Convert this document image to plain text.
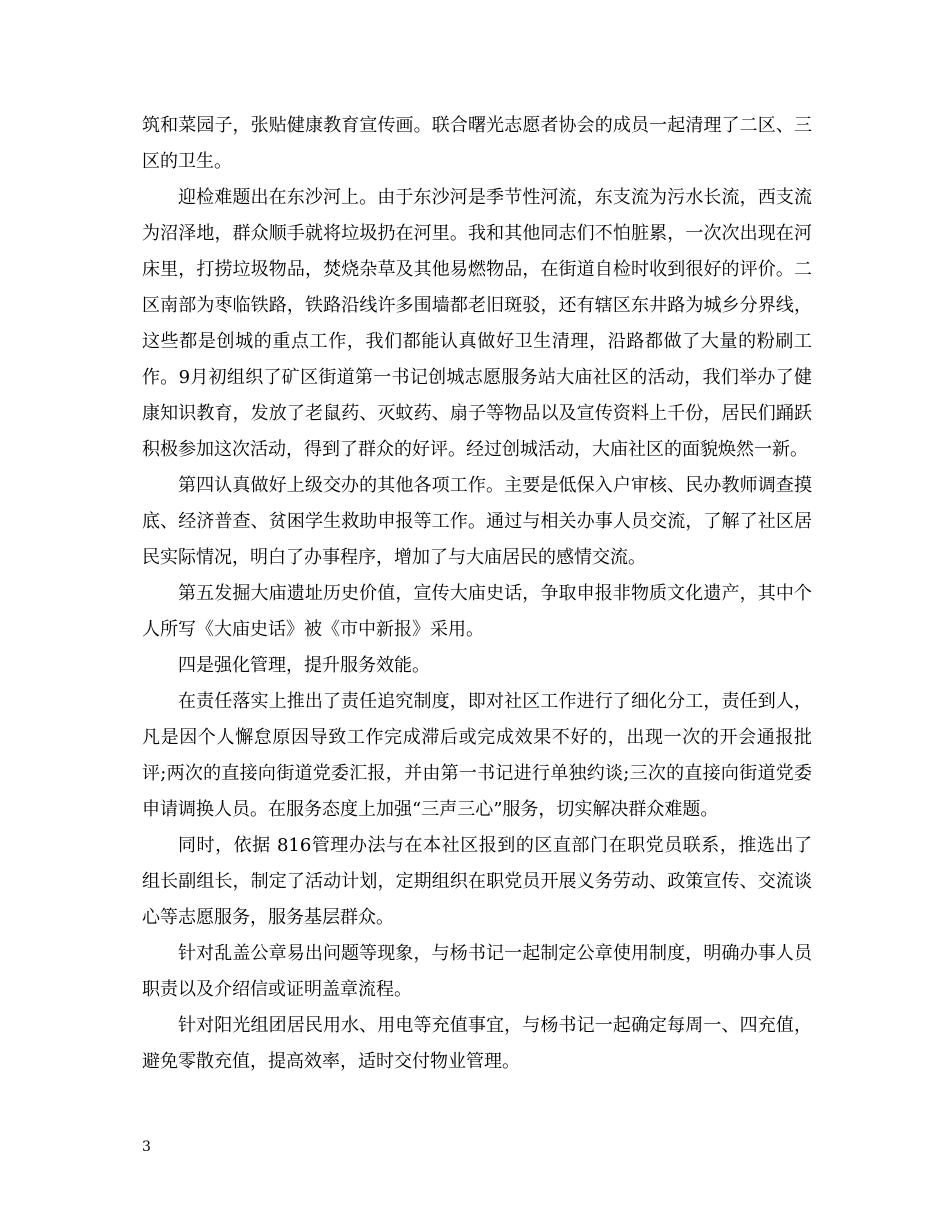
筑和菜园子，张贴健康教育宣传画。联合曙光志愿者协会的成员一起清理了二区、三区的卫生。

迎检难题出在东沙河上。由于东沙河是季节性河流，东支流为污水长流，西支流为沼泽地，群众顺手就将垃圾扔在河里。我和其他同志们不怕脏累，一次次出现在河床里，打捞垃圾物品，焚烧杂草及其他易燃物品，在街道自检时收到很好的评价。二区南部为枣临铁路，铁路沿线许多围墙都老旧斑驳，还有辖区东井路为城乡分界线，这些都是创城的重点工作，我们都能认真做好卫生清理，沿路都做了大量的粉刷工作。9月初组织了矿区街道第一书记创城志愿服务站大庙社区的活动，我们举办了健康知识教育，发放了老鼠药、灭蚊药、扇子等物品以及宣传资料上千份，居民们踊跃积极参加这次活动，得到了群众的好评。经过创城活动，大庙社区的面貌焕然一新。

第四认真做好上级交办的其他各项工作。主要是低保入户审核、民办教师调查摸底、经济普查、贫困学生救助申报等工作。通过与相关办事人员交流，了解了社区居民实际情况，明白了办事程序，增加了与大庙居民的感情交流。

第五发掘大庙遗址历史价值，宣传大庙史话，争取申报非物质文化遗产，其中个人所写《大庙史话》被《市中新报》采用。

四是强化管理，提升服务效能。

在责任落实上推出了责任追究制度，即对社区工作进行了细化分工，责任到人，凡是因个人懈怠原因导致工作完成滞后或完成效果不好的，出现一次的开会通报批评;两次的直接向街道党委汇报，并由第一书记进行单独约谈;三次的直接向街道党委申请调换人员。在服务态度上加强“三声三心”服务，切实解决群众难题。

同时，依据 816管理办法与在本社区报到的区直部门在职党员联系，推选出了组长副组长，制定了活动计划，定期组织在职党员开展义务劳动、政策宣传、交流谈心等志愿服务，服务基层群众。

针对乱盖公章易出问题等现象，与杨书记一起制定公章使用制度，明确办事人员职责以及介绍信或证明盖章流程。

针对阳光组团居民用水、用电等充值事宜，与杨书记一起确定每周一、四充值，避免零散充值，提高效率，适时交付物业管理。

3
